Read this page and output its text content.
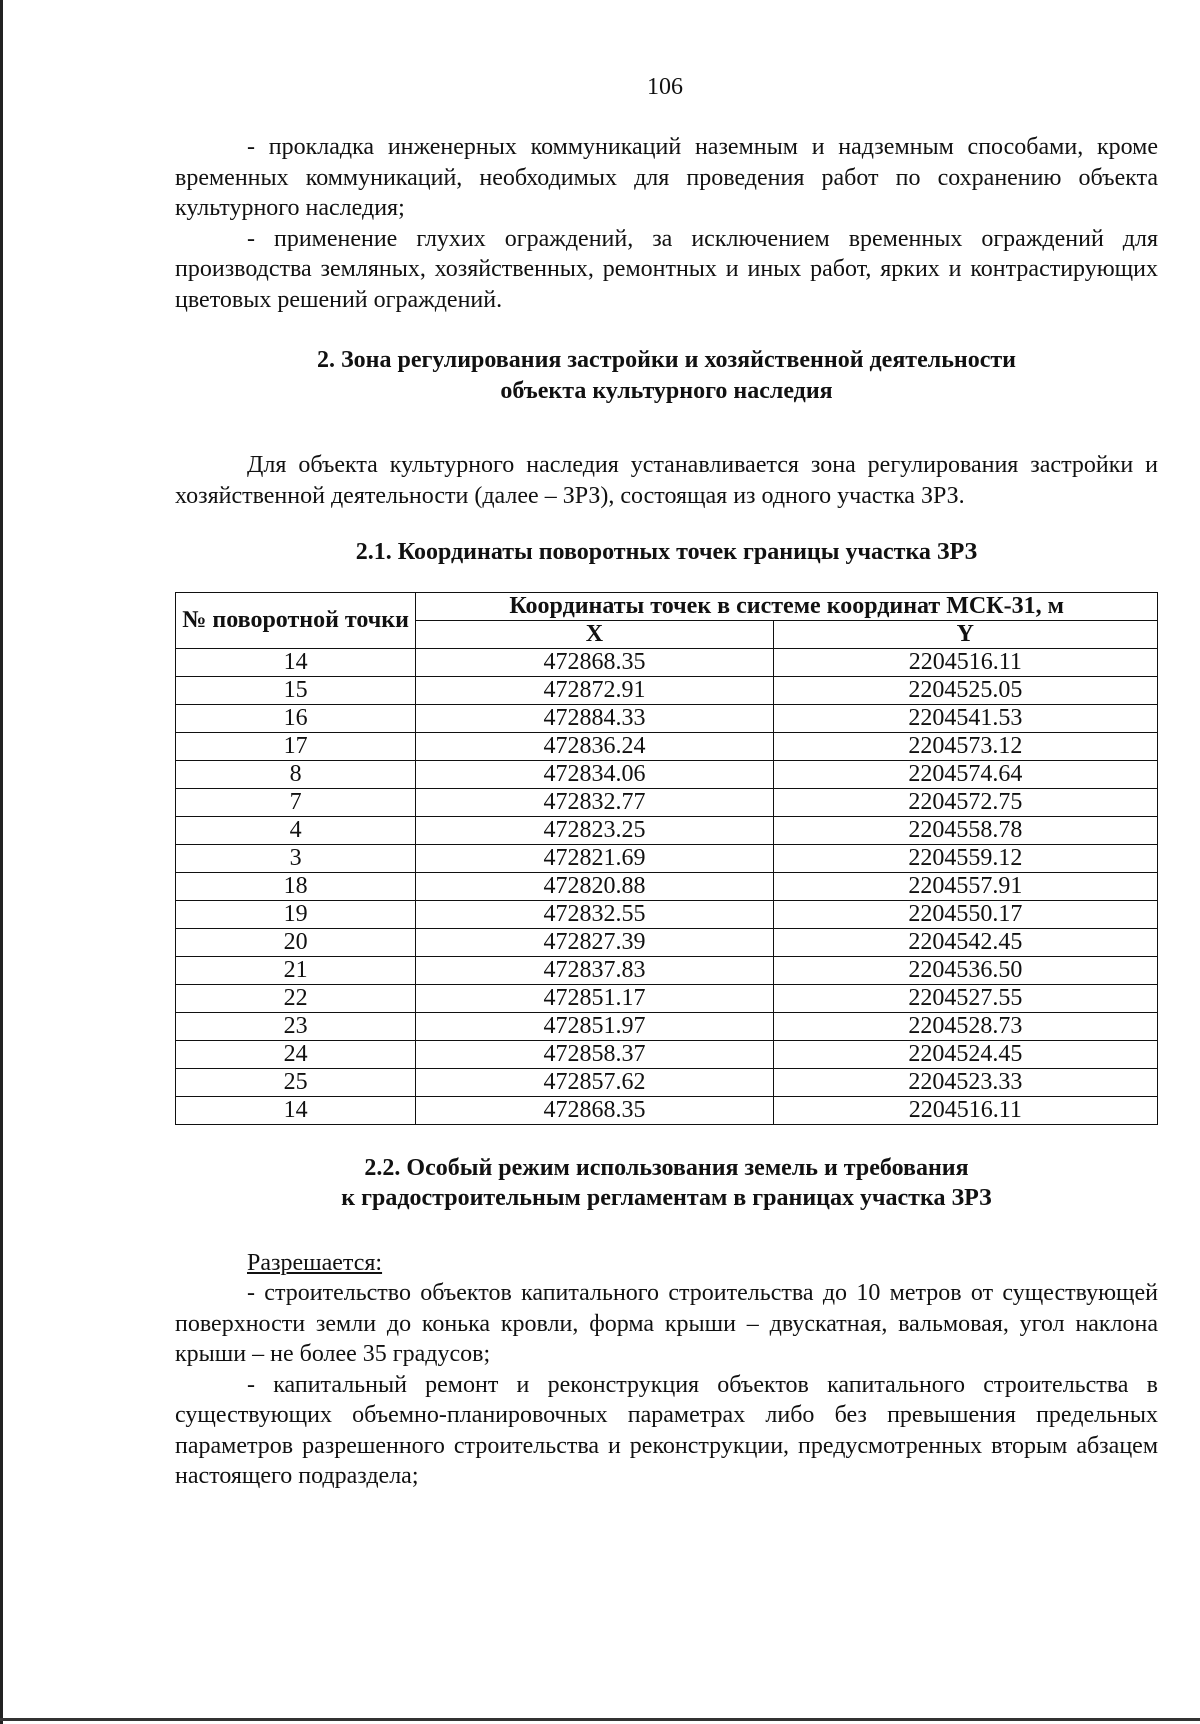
106

- прокладка инженерных коммуникаций наземным и надземным способами, кроме временных коммуникаций, необходимых для проведения работ по сохранению объекта культурного наследия;

- применение глухих ограждений, за исключением временных ограждений для производства земляных, хозяйственных, ремонтных и иных работ, ярких и контрастирующих цветовых решений ограждений.

2. Зона регулирования застройки и хозяйственной деятельности
объекта культурного наследия

Для объекта культурного наследия устанавливается зона регулирования застройки и хозяйственной деятельности (далее – ЗРЗ), состоящая из одного участка ЗРЗ.

2.1. Координаты поворотных точек границы участка ЗРЗ
№ поворотной точки	Координаты точек в системе координат МСК-31, м	
	X	Y
14	472868.35	2204516.11
15	472872.91	2204525.05
16	472884.33	2204541.53
17	472836.24	2204573.12
8	472834.06	2204574.64
7	472832.77	2204572.75
4	472823.25	2204558.78
3	472821.69	2204559.12
18	472820.88	2204557.91
19	472832.55	2204550.17
20	472827.39	2204542.45
21	472837.83	2204536.50
22	472851.17	2204527.55
23	472851.97	2204528.73
24	472858.37	2204524.45
25	472857.62	2204523.33
14	472868.35	2204516.11
2.2. Особый режим использования земель и требования
к градостроительным регламентам в границах участка ЗРЗ

Разрешается:

- строительство объектов капитального строительства до 10 метров от существующей поверхности земли до конька кровли, форма крыши – двускатная, вальмовая, угол наклона крыши – не более 35 градусов;

- капитальный ремонт и реконструкция объектов капитального строительства в существующих объемно-планировочных параметрах либо без превышения предельных параметров разрешенного строительства и реконструкции, предусмотренных вторым абзацем настоящего подраздела;
